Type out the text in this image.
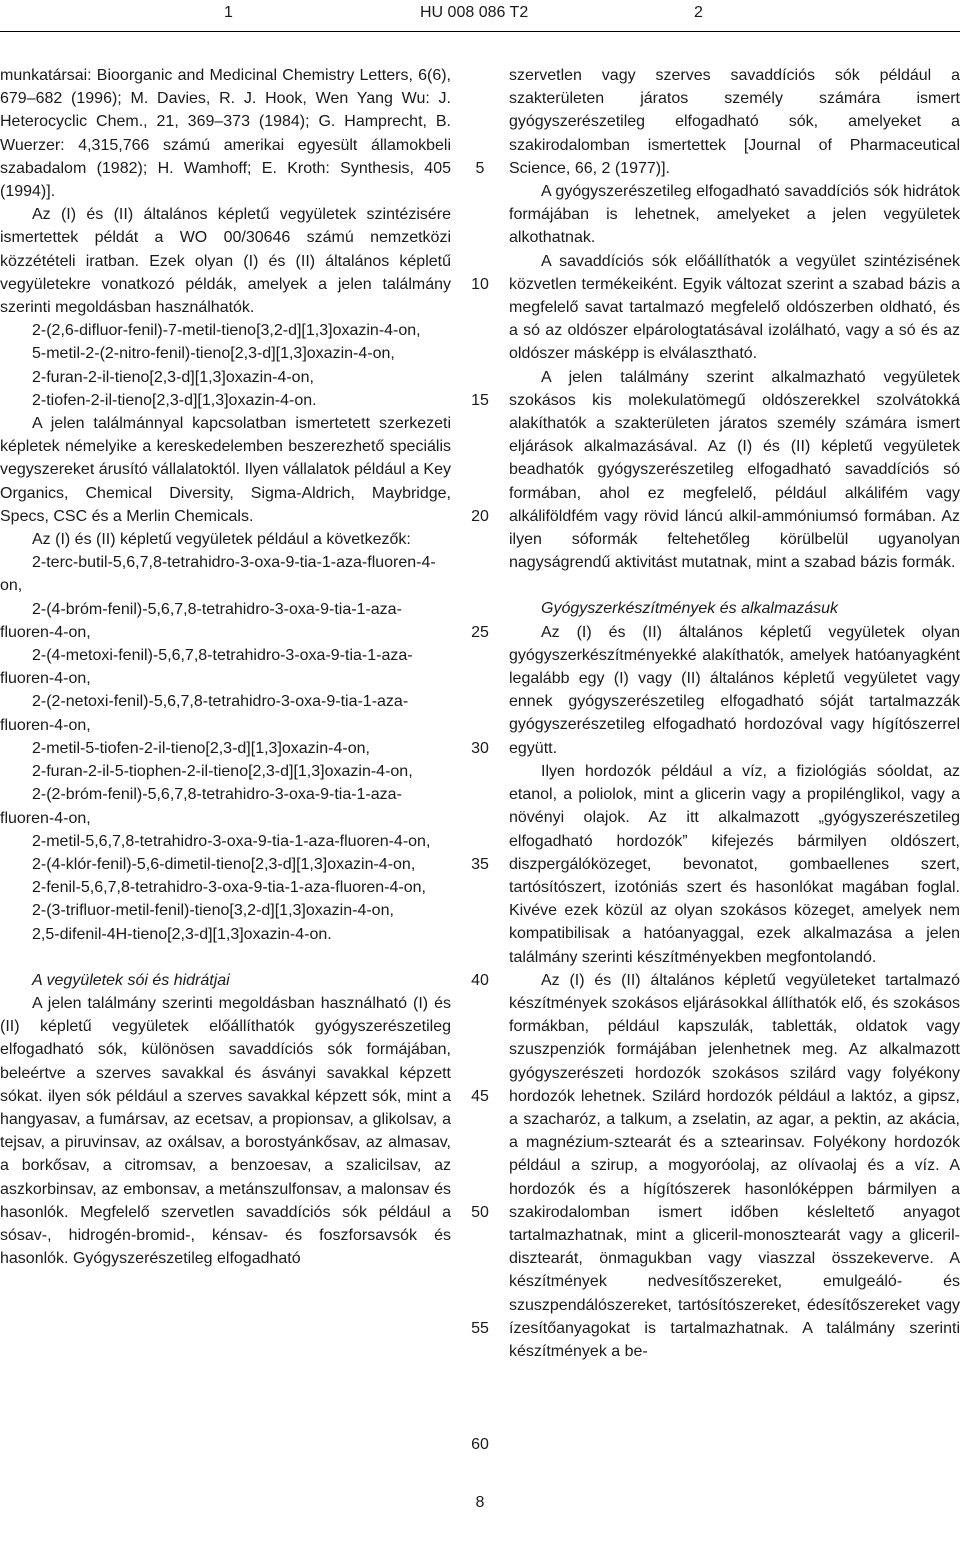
1	HU 008 086 T2	2

munkatársai: Bioorganic and Medicinal Chemistry Letters, 6(6), 679–682 (1996); M. Davies, R. J. Hook, Wen Yang Wu: J. Heterocyclic Chem., 21, 369–373 (1984); G. Hamprecht, B. Wuerzer: 4,315,766 számú amerikai egyesült államokbeli szabadalom (1982); H. Wamhoff; E. Kroth: Synthesis, 405 (1994)].

Az (I) és (II) általános képletű vegyületek szintézisére ismertettek példát a WO 00/30646 számú nemzetközi közzétételi iratban. Ezek olyan (I) és (II) általános képletű vegyületekre vonatkozó példák, amelyek a jelen találmány szerinti megoldásban használhatók.

2-(2,6-difluor-fenil)-7-metil-tieno[3,2-d][1,3]oxazin-4-on,

5-metil-2-(2-nitro-fenil)-tieno[2,3-d][1,3]oxazin-4-on,

2-furan-2-il-tieno[2,3-d][1,3]oxazin-4-on,

2-tiofen-2-il-tieno[2,3-d][1,3]oxazin-4-on.

A jelen találmánnyal kapcsolatban ismertetett szerkezeti képletek némelyike a kereskedelemben beszerezhető speciális vegyszereket árusító vállalatoktól. Ilyen vállalatok például a Key Organics, Chemical Diversity, Sigma-Aldrich, Maybridge, Specs, CSC és a Merlin Chemicals.

Az (I) és (II) képletű vegyületek például a következők:

2-terc-butil-5,6,7,8-tetrahidro-3-oxa-9-tia-1-aza-fluoren-4-on,

2-(4-bróm-fenil)-5,6,7,8-tetrahidro-3-oxa-9-tia-1-aza-fluoren-4-on,

2-(4-metoxi-fenil)-5,6,7,8-tetrahidro-3-oxa-9-tia-1-aza-fluoren-4-on,

2-(2-netoxi-fenil)-5,6,7,8-tetrahidro-3-oxa-9-tia-1-aza-fluoren-4-on,

2-metil-5-tiofen-2-il-tieno[2,3-d][1,3]oxazin-4-on,

2-furan-2-il-5-tiophen-2-il-tieno[2,3-d][1,3]oxazin-4-on,

2-(2-bróm-fenil)-5,6,7,8-tetrahidro-3-oxa-9-tia-1-aza-fluoren-4-on,

2-metil-5,6,7,8-tetrahidro-3-oxa-9-tia-1-aza-fluoren-4-on,

2-(4-klór-fenil)-5,6-dimetil-tieno[2,3-d][1,3]oxazin-4-on,

2-fenil-5,6,7,8-tetrahidro-3-oxa-9-tia-1-aza-fluoren-4-on,

2-(3-trifluor-metil-fenil)-tieno[3,2-d][1,3]oxazin-4-on,

2,5-difenil-4H-tieno[2,3-d][1,3]oxazin-4-on.

A vegyületek sói és hidrátjai

A jelen találmány szerinti megoldásban használható (I) és (II) képletű vegyületek előállíthatók gyógyszerészetileg elfogadható sók, különösen savaddíciós sók formájában, beleértve a szerves savakkal és ásványi savakkal képzett sókat. ilyen sók például a szerves savakkal képzett sók, mint a hangyasav, a fumársav, az ecetsav, a propionsav, a glikolsav, a tejsav, a piruvinsav, az oxálsav, a borostyánkősav, az almasav, a borkősav, a citromsav, a benzoesav, a szalicilsav, az aszkorbinsav, az embonsav, a metánszulfonsav, a malonsav és hasonlók. Megfelelő szervetlen savaddíciós sók például a sósav-, hidrogén-bromid-, kénsav- és foszforsavsók és hasonlók. Gyógyszerészetileg elfogadható

szervetlen vagy szerves savaddíciós sók például a szakterületen járatos személy számára ismert gyógyszerészetileg elfogadható sók, amelyeket a szakirodalomban ismertettek [Journal of Pharmaceutical Science, 66, 2 (1977)].

A gyógyszerészetileg elfogadható savaddíciós sók hidrátok formájában is lehetnek, amelyeket a jelen vegyületek alkothatnak.

A savaddíciós sók előállíthatók a vegyület szintézisének közvetlen termékeiként. Egyik változat szerint a szabad bázis a megfelelő savat tartalmazó megfelelő oldószerben oldható, és a só az oldószer elpárologtatásával izolálható, vagy a só és az oldószer másképp is elválasztható.

A jelen találmány szerint alkalmazható vegyületek szokásos kis molekulatömegű oldószerekkel szolvátokká alakíthatók a szakterületen járatos személy számára ismert eljárások alkalmazásával. Az (I) és (II) képletű vegyületek beadhatók gyógyszerészetileg elfogadható savaddíciós só formában, ahol ez megfelelő, például alkálifém vagy alkáliföldfém vagy rövid láncú alkil-ammóniumsó formában. Az ilyen sóformák feltehetőleg körülbelül ugyanolyan nagyságrendű aktivitást mutatnak, mint a szabad bázis formák.

Gyógyszerkészítmények és alkalmazásuk

Az (I) és (II) általános képletű vegyületek olyan gyógyszerkészítményekké alakíthatók, amelyek hatóanyagként legalább egy (I) vagy (II) általános képletű vegyületet vagy ennek gyógyszerészetileg elfogadható sóját tartalmazzák gyógyszerészetileg elfogadható hordozóval vagy hígítószerrel együtt.

Ilyen hordozók például a víz, a fiziológiás sóoldat, az etanol, a poliolok, mint a glicerin vagy a propilénglikol, vagy a növényi olajok. Az itt alkalmazott „gyógyszerészetileg elfogadható hordozók” kifejezés bármilyen oldószert, diszpergálóközeget, bevonatot, gombaellenes szert, tartósítószert, izotóniás szert és hasonlókat magában foglal. Kivéve ezek közül az olyan szokásos közeget, amelyek nem kompatibilisak a hatóanyaggal, ezek alkalmazása a jelen találmány szerinti készítményekben megfontolandó.

Az (I) és (II) általános képletű vegyületeket tartalmazó készítmények szokásos eljárásokkal állíthatók elő, és szokásos formákban, például kapszulák, tabletták, oldatok vagy szuszpenziók formájában jelenhetnek meg. Az alkalmazott gyógyszerészeti hordozók szokásos szilárd vagy folyékony hordozók lehetnek. Szilárd hordozók például a laktóz, a gipsz, a szacharóz, a talkum, a zselatin, az agar, a pektin, az akácia, a magnézium-sztearát és a sztearinsav. Folyékony hordozók például a szirup, a mogyoróolaj, az olívaolaj és a víz. A hordozók és a hígítószerek hasonlóképpen bármilyen a szakirodalomban ismert időben késleltető anyagot tartalmazhatnak, mint a gliceril-monosztearát vagy a gliceril-disztearát, önmagukban vagy viaszzal összekeverve. A készítmények nedvesítőszereket, emulgeáló- és szuszpendálószereket, tartósítószereket, édesítőszereket vagy ízesítőanyagokat is tartalmazhatnak. A találmány szerinti készítmények a be-

5
10
15
20
25
30
35
40
45
50
55
60
8
